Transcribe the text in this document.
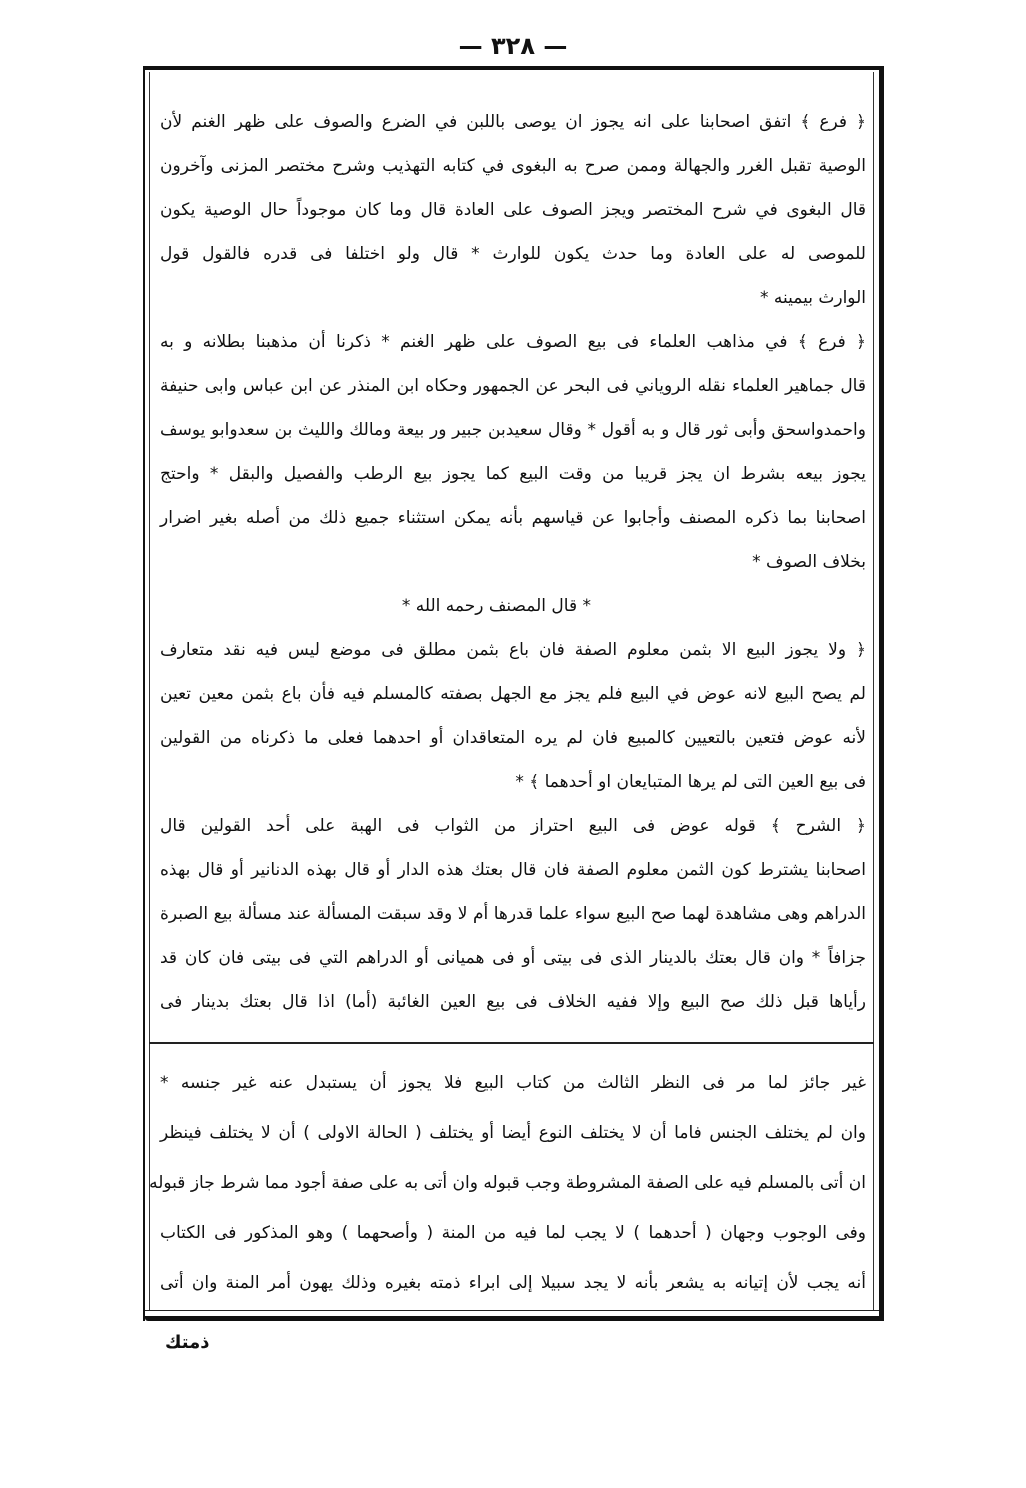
— ٣٢٨ —
﴿ فرع ﴾ اتفق اصحابنا على انه يجوز ان يوصى باللبن في الضرع والصوف على ظهر الغنم لأن
الوصية تقبل الغرر والجهالة وممن صرح به البغوى في كتابه التهذيب وشرح مختصر المزنى وآخرون
قال البغوى في شرح المختصر ويجز الصوف على العادة قال وما كان موجوداً حال الوصية يكون
للموصى له على العادة وما حدث يكون للوارث * قال ولو اختلفا فى قدره فالقول قول
الوارث بيمينه *
﴿ فرع ﴾ في مذاهب العلماء فى بيع الصوف على ظهر الغنم * ذكرنا أن مذهبنا بطلانه و به
قال جماهير العلماء نقله الروياني فى البحر عن الجمهور وحكاه ابن المنذر عن ابن عباس وابى حنيفة
واحمدواسحق وأبى ثور قال و به أقول * وقال سعيدبن جبير ور بيعة ومالك والليث بن سعدوابو يوسف
يجوز بيعه بشرط ان يجز قريبا من وقت البيع كما يجوز بيع الرطب والفصيل والبقل * واحتج
اصحابنا بما ذكره المصنف وأجابوا عن قياسهم بأنه يمكن استثناء جميع ذلك من أصله بغير اضرار
بخلاف الصوف *
* قال المصنف رحمه الله *
﴿ ولا يجوز البيع الا بثمن معلوم الصفة فان باع بثمن مطلق فى موضع ليس فيه نقد متعارف
لم يصح البيع لانه عوض في البيع فلم يجز مع الجهل بصفته كالمسلم فيه فأن باع بثمن معين تعين
لأنه عوض فتعين بالتعيين كالمبيع فان لم يره المتعاقدان أو احدهما فعلى ما ذكرناه من القولين
فى بيع العين التى لم يرها المتبايعان او أحدهما ﴾ *
﴿ الشرح ﴾ قوله عوض فى البيع احتراز من الثواب فى الهبة على أحد القولين قال
اصحابنا يشترط كون الثمن معلوم الصفة فان قال بعتك هذه الدار أو قال بهذه الدنانير أو قال بهذه
الدراهم وهى مشاهدة لهما صح البيع سواء علما قدرها أم لا وقد سبقت المسألة عند مسألة بيع الصبرة
جزافاً * وان قال بعتك بالدينار الذى فى بيتى أو فى هميانى أو الدراهم التي فى بيتى فان كان قد
رأياها قبل ذلك صح البيع وإلا ففيه الخلاف فى بيع العين الغائبة (أما) اذا قال بعتك بدينار فى
غير جائز لما مر فى النظر الثالث من كتاب البيع فلا يجوز أن يستبدل عنه غير جنسه *
وان لم يختلف الجنس فاما أن لا يختلف النوع أيضا أو يختلف ( الحالة الاولى ) أن لا يختلف فينظر
ان أتى بالمسلم فيه على الصفة المشروطة وجب قبوله وان أتى به على صفة أجود مما شرط جاز قبوله
وفى الوجوب وجهان ( أحدهما ) لا يجب لما فيه من المنة ( وأصحهما ) وهو المذكور فى الكتاب
أنه يجب لأن إتيانه به يشعر بأنه لا يجد سبيلا إلى ابراء ذمته بغيره وذلك يهون أمر المنة وان أتى
ذمتك
